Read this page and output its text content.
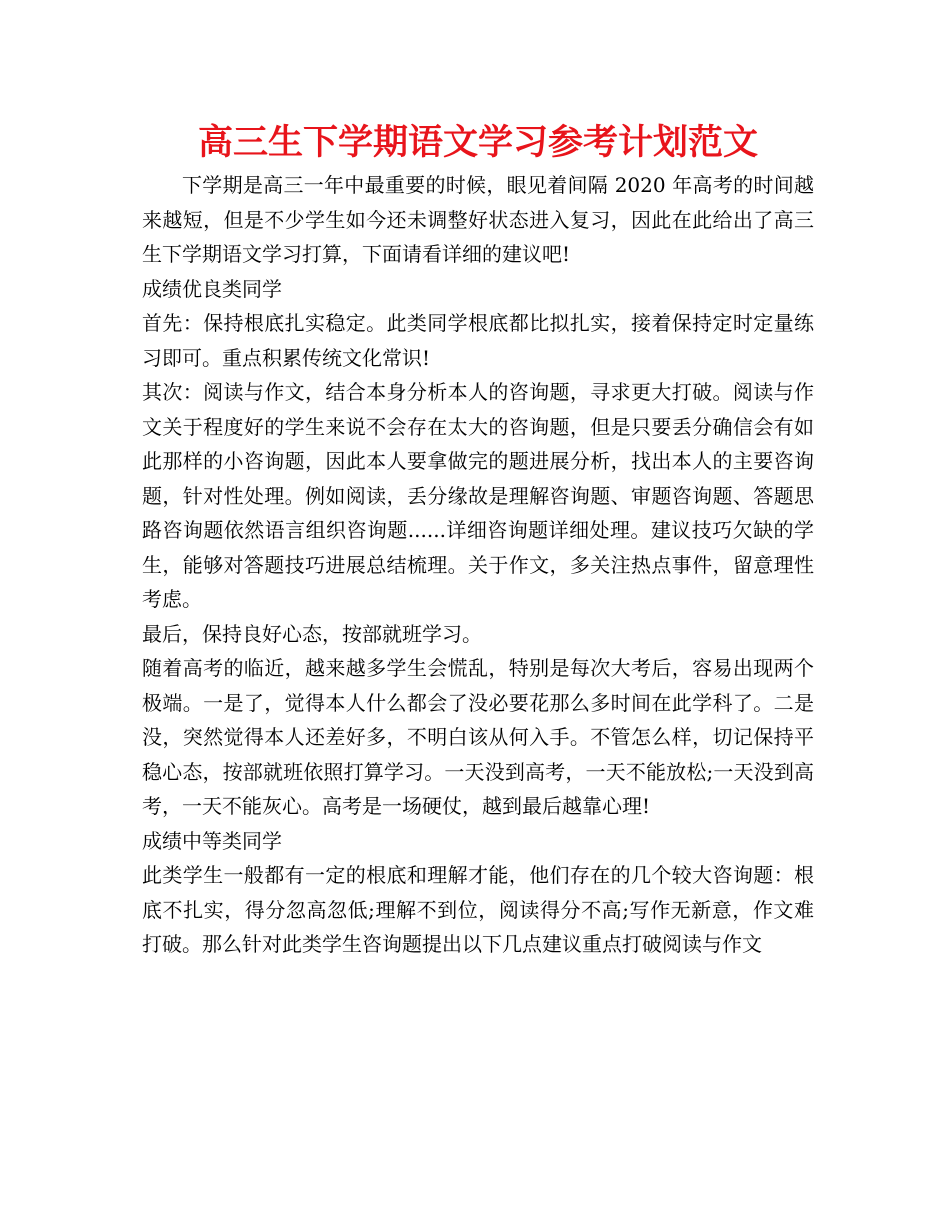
高三生下学期语文学习参考计划范文

下学期是高三一年中最重要的时候，眼见着间隔 2020 年高考的时间越来越短，但是不少学生如今还未调整好状态进入复习，因此在此给出了高三生下学期语文学习打算，下面请看详细的建议吧!

成绩优良类同学

首先：保持根底扎实稳定。此类同学根底都比拟扎实，接着保持定时定量练习即可。重点积累传统文化常识!

其次：阅读与作文，结合本身分析本人的咨询题，寻求更大打破。阅读与作文关于程度好的学生来说不会存在太大的咨询题，但是只要丢分确信会有如此那样的小咨询题，因此本人要拿做完的题进展分析，找出本人的主要咨询题，针对性处理。例如阅读，丢分缘故是理解咨询题、审题咨询题、答题思路咨询题依然语言组织咨询题......详细咨询题详细处理。建议技巧欠缺的学生，能够对答题技巧进展总结梳理。关于作文，多关注热点事件，留意理性考虑。

最后，保持良好心态，按部就班学习。

随着高考的临近，越来越多学生会慌乱，特别是每次大考后，容易出现两个极端。一是了，觉得本人什么都会了没必要花那么多时间在此学科了。二是没，突然觉得本人还差好多，不明白该从何入手。不管怎么样，切记保持平稳心态，按部就班依照打算学习。一天没到高考，一天不能放松;一天没到高考，一天不能灰心。高考是一场硬仗，越到最后越靠心理!

成绩中等类同学

此类学生一般都有一定的根底和理解才能，他们存在的几个较大咨询题：根底不扎实，得分忽高忽低;理解不到位，阅读得分不高;写作无新意，作文难打破。那么针对此类学生咨询题提出以下几点建议重点打破阅读与作文
